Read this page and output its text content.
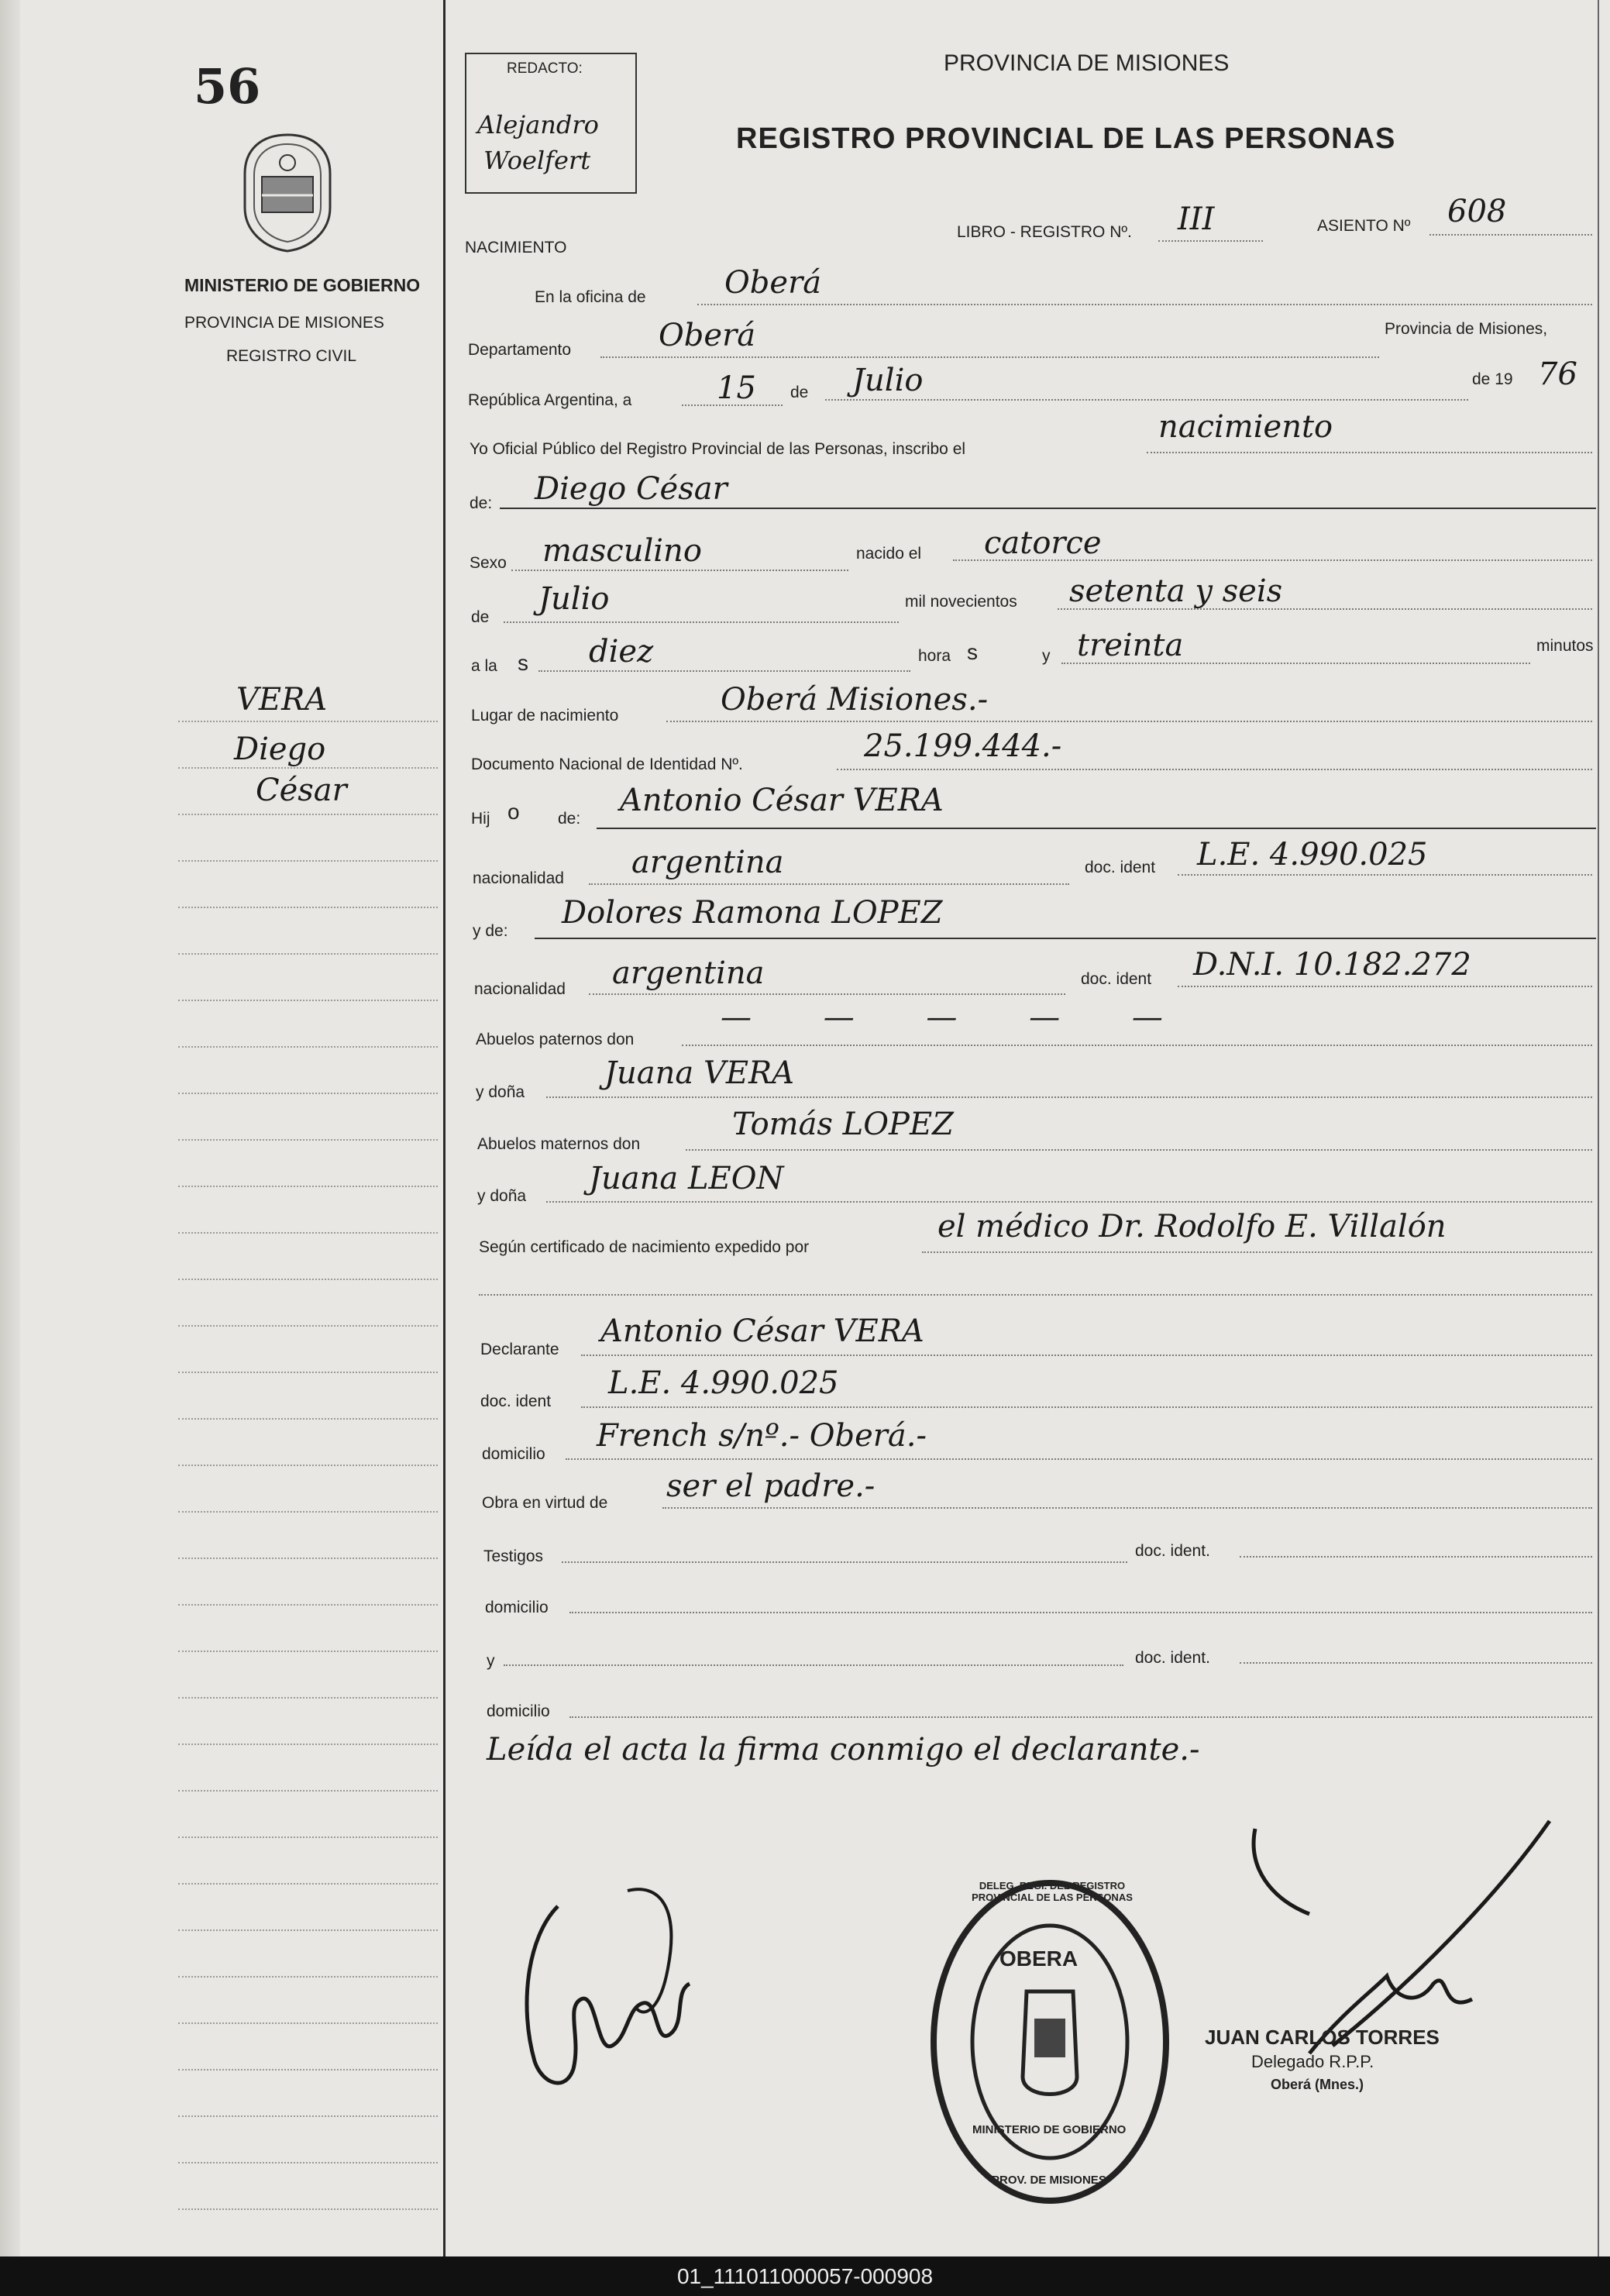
56
MINISTERIO DE GOBIERNO
PROVINCIA DE MISIONES
REGISTRO CIVIL
VERA
Diego
César
REDACTO:
Alejandro
Woelfert
PROVINCIA DE MISIONES
REGISTRO PROVINCIAL DE LAS PERSONAS
NACIMIENTO
LIBRO - REGISTRO Nº. III	ASIENTO Nº 608
En la oficina de	Oberá
Departamento	Oberá	Provincia de Misiones,
República Argentina, a	15 de Julio	de 19 76
Yo Oficial Público del Registro Provincial de las Personas, inscribo el
nacimiento
de: Diego César
Sexo masculino	nacido el catorce
de
Julio	mil novecientos setenta y seis
a la s diez	hora s	y treinta	minutos
Lugar de nacimiento	Oberá Misiones.-
Documento Nacional de Identidad Nº.
25.199.444.-
Hij o de:
Antonio César VERA
nacionalidad argentina	doc. ident L.E. 4.990.025
y de:
Dolores Ramona LOPEZ
nacionalidad argentina	doc. ident D.N.I. 10.182.272
Abuelos paternos don
— — — — —
y doña
Juana VERA
Abuelos maternos don
Tomás LOPEZ
y doña Juana LEON
Según certificado de nacimiento expedido por
el médico Dr. Rodolfo E. Villalón
Declarante
Antonio César VERA
doc. ident
L.E. 4.990.025
domicilio
French s/nº.- Oberá.-
Obra en virtud de ser el padre.-
Testigos	doc. ident.
domicilio
y	doc. ident.
domicilio
Leída el acta la firma conmigo el declarante.-
OBERA
DELEG. REGI. DEL REGISTRO PROVINCIAL DE LAS PERSONAS
MINISTERIO DE GOBIERNO
PROV. DE MISIONES
JUAN CARLOS TORRES
Delegado R.P.P.
Oberá (Mnes.)
01_111011000057-000908
